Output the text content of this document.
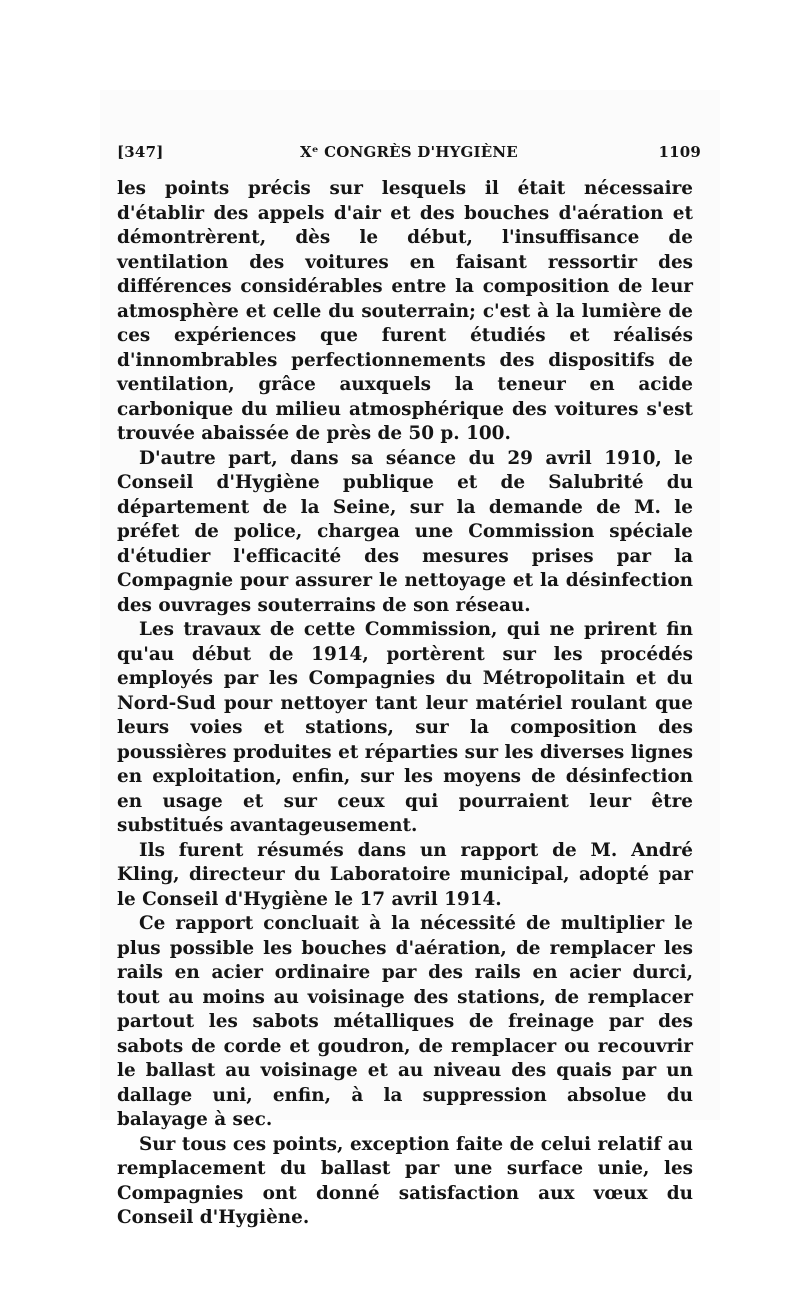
[347]	Xᵉ CONGRÈS D'HYGIÈNE	1109

les points précis sur lesquels il était nécessaire d'établir des appels d'air et des bouches d'aération et démontrèrent, dès le début, l'insuffisance de ventilation des voitures en faisant ressortir des différences considérables entre la composition de leur atmosphère et celle du souterrain; c'est à la lumière de ces expériences que furent étudiés et réalisés d'innombrables perfectionnements des dispositifs de ventilation, grâce auxquels la teneur en acide carbonique du milieu atmosphérique des voitures s'est trouvée abaissée de près de 50 p. 100.

D'autre part, dans sa séance du 29 avril 1910, le Conseil d'Hygiène publique et de Salubrité du département de la Seine, sur la demande de M. le préfet de police, chargea une Commission spéciale d'étudier l'efficacité des mesures prises par la Compagnie pour assurer le nettoyage et la désinfection des ouvrages souterrains de son réseau.

Les travaux de cette Commission, qui ne prirent fin qu'au début de 1914, portèrent sur les procédés employés par les Compagnies du Métropolitain et du Nord-Sud pour nettoyer tant leur matériel roulant que leurs voies et stations, sur la composition des poussières produites et réparties sur les diverses lignes en exploitation, enfin, sur les moyens de désinfection en usage et sur ceux qui pourraient leur être substitués avantageusement.

Ils furent résumés dans un rapport de M. André Kling, directeur du Laboratoire municipal, adopté par le Conseil d'Hygiène le 17 avril 1914.

Ce rapport concluait à la nécessité de multiplier le plus possible les bouches d'aération, de remplacer les rails en acier ordinaire par des rails en acier durci, tout au moins au voisinage des stations, de remplacer partout les sabots métalliques de freinage par des sabots de corde et goudron, de remplacer ou recouvrir le ballast au voisinage et au niveau des quais par un dallage uni, enfin, à la suppression absolue du balayage à sec.

Sur tous ces points, exception faite de celui relatif au remplacement du ballast par une surface unie, les Compagnies ont donné satisfaction aux vœux du Conseil d'Hygiène.
